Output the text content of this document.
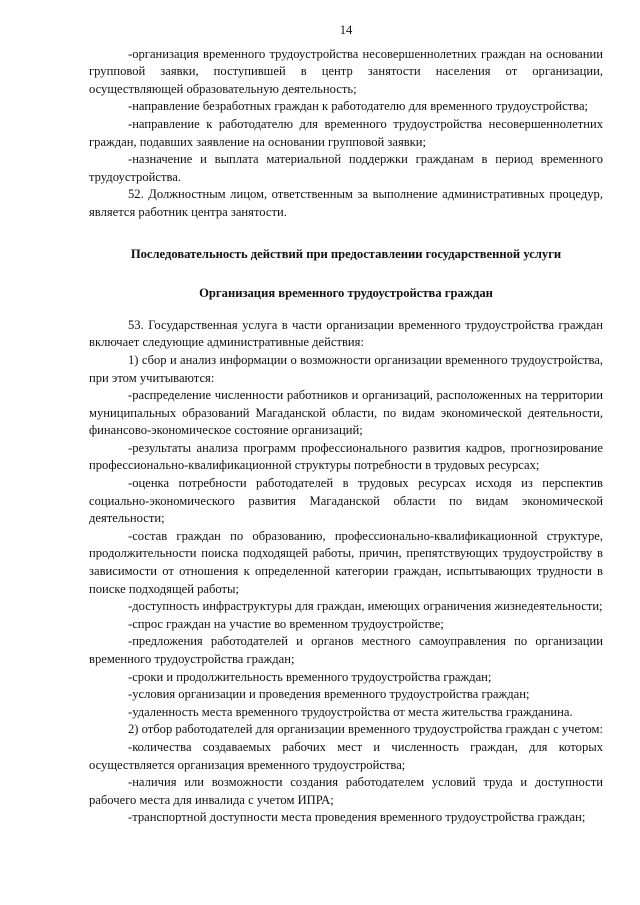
14

-организация временного трудоустройства несовершеннолетних граждан на основании групповой заявки, поступившей в центр занятости населения от организации, осуществляющей образовательную деятельность;

-направление безработных граждан к работодателю для временного трудоустройства;

-направление к работодателю для временного трудоустройства несовершеннолетних граждан, подавших заявление на основании групповой заявки;

-назначение и выплата материальной поддержки гражданам в период временного трудоустройства.

52. Должностным лицом, ответственным за выполнение административных процедур, является работник центра занятости.

Последовательность действий при предоставлении государственной услуги

Организация временного трудоустройства граждан

53. Государственная услуга в части организации временного трудоустройства граждан включает следующие административные действия:

1) сбор и анализ информации о возможности организации временного трудоустройства, при этом учитываются:

-распределение численности работников и организаций, расположенных на территории муниципальных образований Магаданской области, по видам экономической деятельности, финансово-экономическое состояние организаций;

-результаты анализа программ профессионального развития кадров, прогнозирование профессионально-квалификационной структуры потребности в трудовых ресурсах;

-оценка потребности работодателей в трудовых ресурсах исходя из перспектив социально-экономического развития Магаданской области по видам экономической деятельности;

-состав граждан по образованию, профессионально-квалификационной структуре, продолжительности поиска подходящей работы, причин, препятствующих трудоустройству в зависимости от отношения к определенной категории граждан, испытывающих трудности в поиске подходящей работы;

-доступность инфраструктуры для граждан, имеющих ограничения жизнедеятельности;

-спрос граждан на участие во временном трудоустройстве;

-предложения работодателей и органов местного самоуправления по организации временного трудоустройства граждан;

-сроки и продолжительность временного трудоустройства граждан;

-условия организации и проведения временного трудоустройства граждан;

-удаленность места временного трудоустройства от места жительства гражданина.

2) отбор работодателей для организации временного трудоустройства граждан с учетом:

-количества создаваемых рабочих мест и численность граждан, для которых осуществляется организация временного трудоустройства;

-наличия или возможности создания работодателем условий труда и доступности рабочего места для инвалида с учетом ИПРА;

-транспортной доступности места проведения временного трудоустройства граждан;
